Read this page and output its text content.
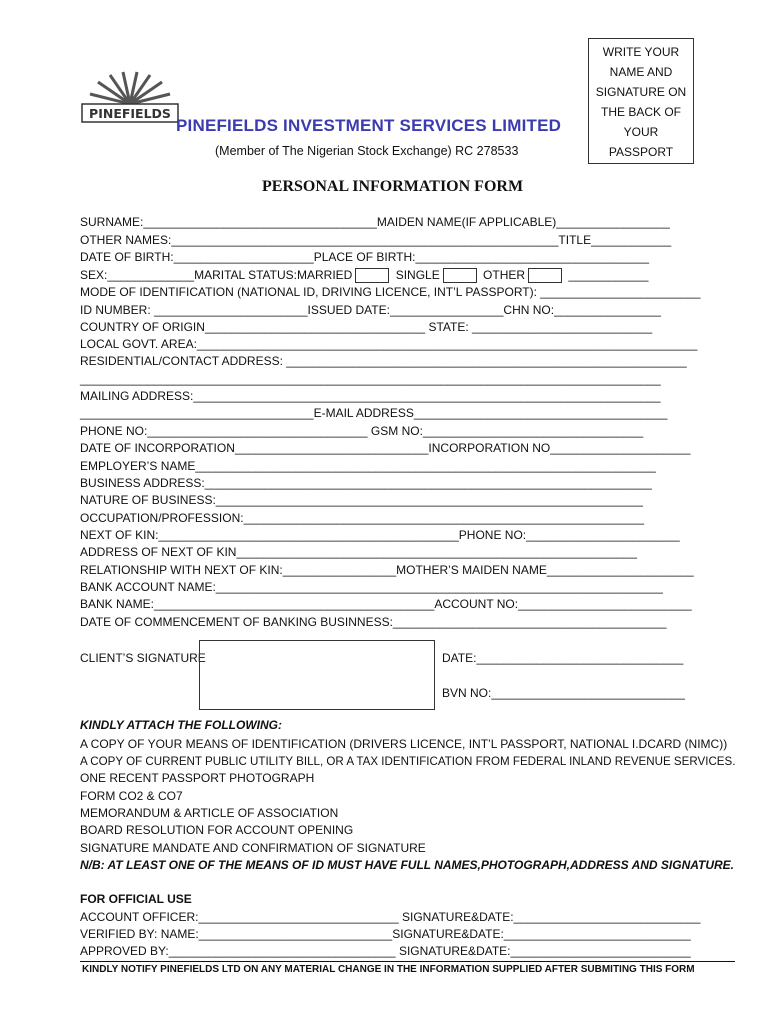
WRITE YOUR
NAME AND
SIGNATURE ON
THE BACK OF
YOUR
PASSPORT
PINEFIELDS
PINEFIELDS INVESTMENT SERVICES LIMITED
(Member of The Nigerian Stock Exchange) RC 278533
PERSONAL INFORMATION FORM
SURNAME:___________________________________MAIDEN NAME(IF APPLICABLE)_________________
OTHER NAMES:__________________________________________________________TITLE____________
DATE OF BIRTH:_____________________PLACE OF BIRTH:___________________________________
SEX:_____________MARITAL STATUS:MARRIED	SINGLE	OTHER	____________
MODE OF IDENTIFICATION (NATIONAL ID, DRIVING LICENCE, INT’L PASSPORT): ________________________
ID NUMBER: _______________________ISSUED DATE:_________________CHN NO:________________
COUNTRY OF ORIGIN_________________________________ STATE: ___________________________
LOCAL GOVT. AREA:___________________________________________________________________________
RESIDENTIAL/CONTACT ADDRESS: ____________________________________________________________
_______________________________________________________________________________________
MAILING ADDRESS:______________________________________________________________________
___________________________________E-MAIL ADDRESS______________________________________
PHONE NO:_________________________________ GSM NO:_________________________________
DATE OF INCORPORATION_____________________________INCORPORATION NO_____________________
EMPLOYER’S NAME_____________________________________________________________________
BUSINESS ADDRESS:___________________________________________________________________
NATURE OF BUSINESS:________________________________________________________________
OCCUPATION/PROFESSION:____________________________________________________________
NEXT OF KIN:_____________________________________________PHONE NO:_______________________
ADDRESS OF NEXT OF KIN____________________________________________________________
RELATIONSHIP WITH NEXT OF KIN:_________________MOTHER’S MAIDEN NAME______________________
BANK ACCOUNT NAME:___________________________________________________________________
BANK NAME:__________________________________________ACCOUNT NO:__________________________
DATE OF COMMENCEMENT OF BANKING BUSINNESS:_________________________________________
CLIENT’S SIGNATURE	DATE:_______________________________
BVN NO:_____________________________
KINDLY ATTACH THE FOLLOWING:
A COPY OF YOUR MEANS OF IDENTIFICATION (DRIVERS LICENCE, INT’L PASSPORT, NATIONAL I.DCARD (NIMC))
A COPY OF CURRENT PUBLIC UTILITY BILL, OR A TAX IDENTIFICATION FROM FEDERAL INLAND REVENUE SERVICES.
ONE RECENT PASSPORT PHOTOGRAPH
FORM CO2 & CO7
MEMORANDUM & ARTICLE OF ASSOCIATION
BOARD RESOLUTION FOR ACCOUNT OPENING
SIGNATURE MANDATE AND CONFIRMATION OF SIGNATURE
N/B: AT LEAST ONE OF THE MEANS OF ID MUST HAVE FULL NAMES,PHOTOGRAPH,ADDRESS AND SIGNATURE.
FOR OFFICIAL USE
ACCOUNT OFFICER:______________________________ SIGNATURE&DATE:____________________________
VERIFIED BY: NAME:_____________________________SIGNATURE&DATE:____________________________
APPROVED BY:__________________________________ SIGNATURE&DATE:___________________________
KINDLY NOTIFY PINEFIELDS LTD ON ANY MATERIAL CHANGE IN THE INFORMATION SUPPLIED AFTER SUBMITING THIS FORM
